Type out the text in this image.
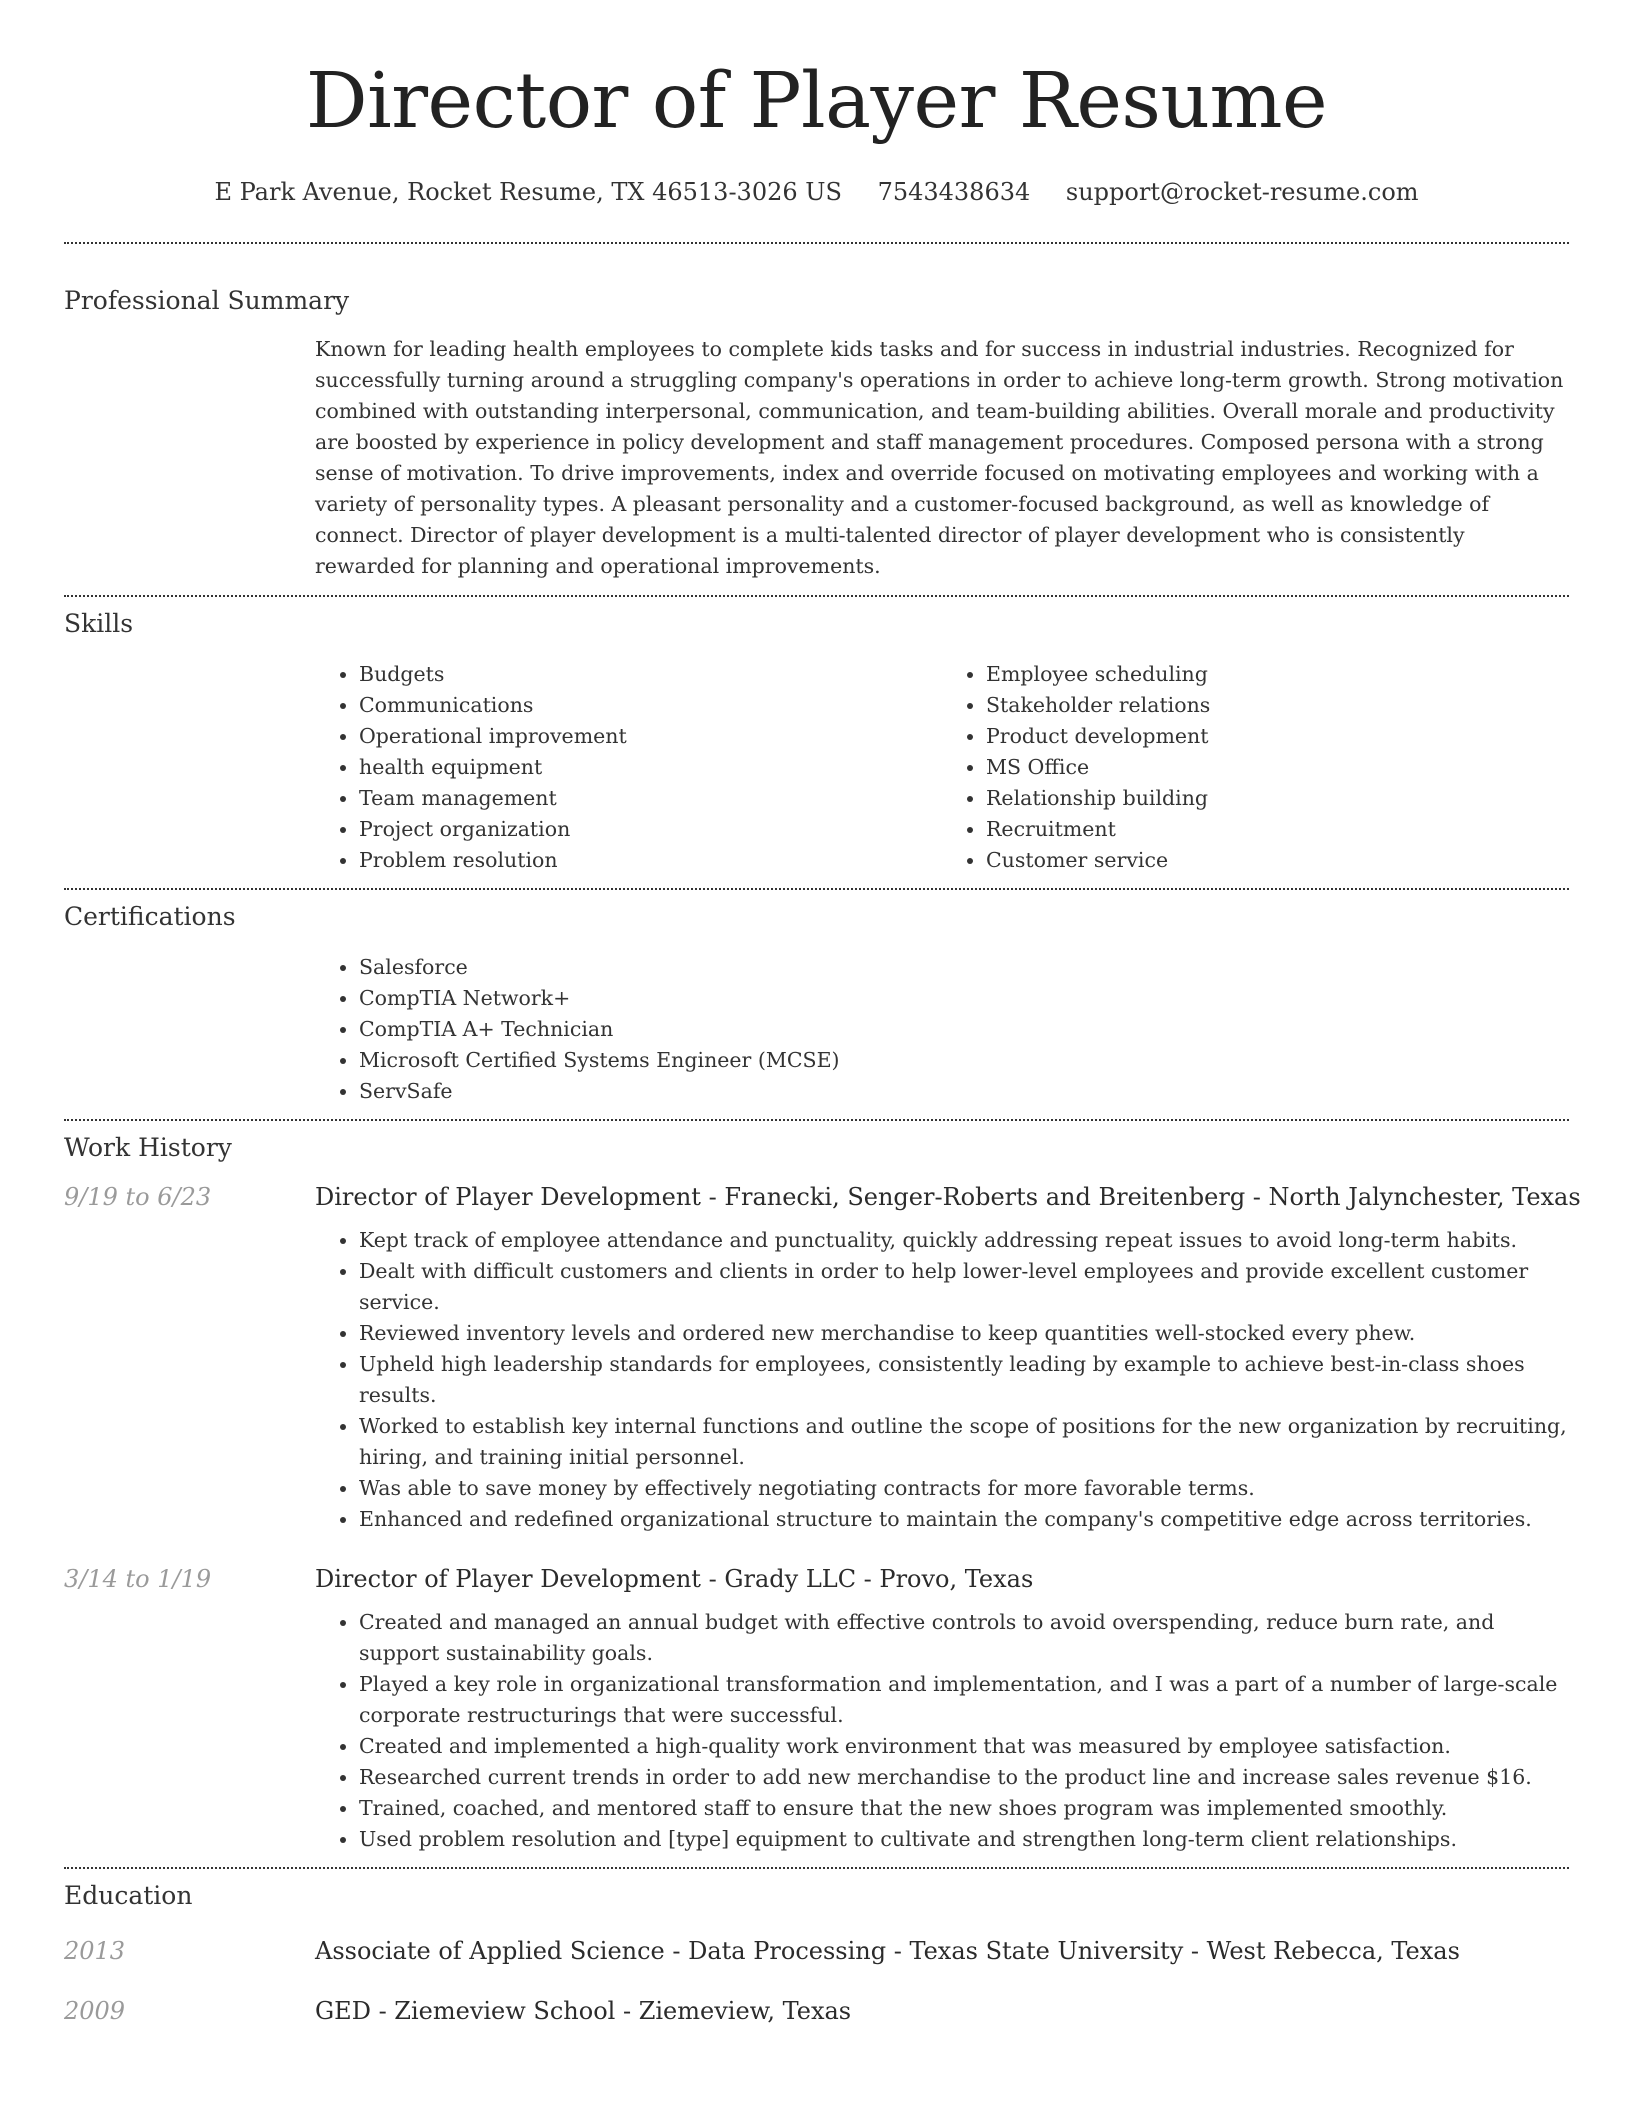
Director of Player Resume
E Park Avenue, Rocket Resume, TX 46513-3026 US 7543438634 support@rocket-resume.com
Professional Summary

Known for leading health employees to complete kids tasks and for success in industrial industries. Recognized for successfully turning around a struggling company's operations in order to achieve long-term growth. Strong motivation combined with outstanding interpersonal, communication, and team-building abilities. Overall morale and productivity are boosted by experience in policy development and staff management procedures. Composed persona with a strong sense of motivation. To drive improvements, index and override focused on motivating employees and working with a variety of personality types. A pleasant personality and a customer-focused background, as well as knowledge of connect. Director of player development is a multi-talented director of player development who is consistently rewarded for planning and operational improvements.

Skills
• Budgets
• Communications
• Operational improvement
• health equipment
• Team management
• Project organization
• Problem resolution
• Employee scheduling
• Stakeholder relations
• Product development
• MS Office
• Relationship building
• Recruitment
• Customer service
Certifications
• Salesforce
• CompTIA Network+
• CompTIA A+ Technician
• Microsoft Certified Systems Engineer (MCSE)
• ServSafe
Work History
9/19 to 6/23	Director of Player Development - Franecki, Senger-Roberts and Breitenberg - North Jalynchester, Texas
• Kept track of employee attendance and punctuality, quickly addressing repeat issues to avoid long-term habits.
• Dealt with difficult customers and clients in order to help lower-level employees and provide excellent customer service.
• Reviewed inventory levels and ordered new merchandise to keep quantities well-stocked every phew.
• Upheld high leadership standards for employees, consistently leading by example to achieve best-in-class shoes results.
• Worked to establish key internal functions and outline the scope of positions for the new organization by recruiting, hiring, and training initial personnel.
• Was able to save money by effectively negotiating contracts for more favorable terms.
• Enhanced and redefined organizational structure to maintain the company's competitive edge across territories.
3/14 to 1/19	Director of Player Development - Grady LLC - Provo, Texas
• Created and managed an annual budget with effective controls to avoid overspending, reduce burn rate, and support sustainability goals.
• Played a key role in organizational transformation and implementation, and I was a part of a number of large-scale corporate restructurings that were successful.
• Created and implemented a high-quality work environment that was measured by employee satisfaction.
• Researched current trends in order to add new merchandise to the product line and increase sales revenue $16.
• Trained, coached, and mentored staff to ensure that the new shoes program was implemented smoothly.
• Used problem resolution and [type] equipment to cultivate and strengthen long-term client relationships.
Education
2013	Associate of Applied Science - Data Processing - Texas State University - West Rebecca, Texas
2009	GED - Ziemeview School - Ziemeview, Texas
